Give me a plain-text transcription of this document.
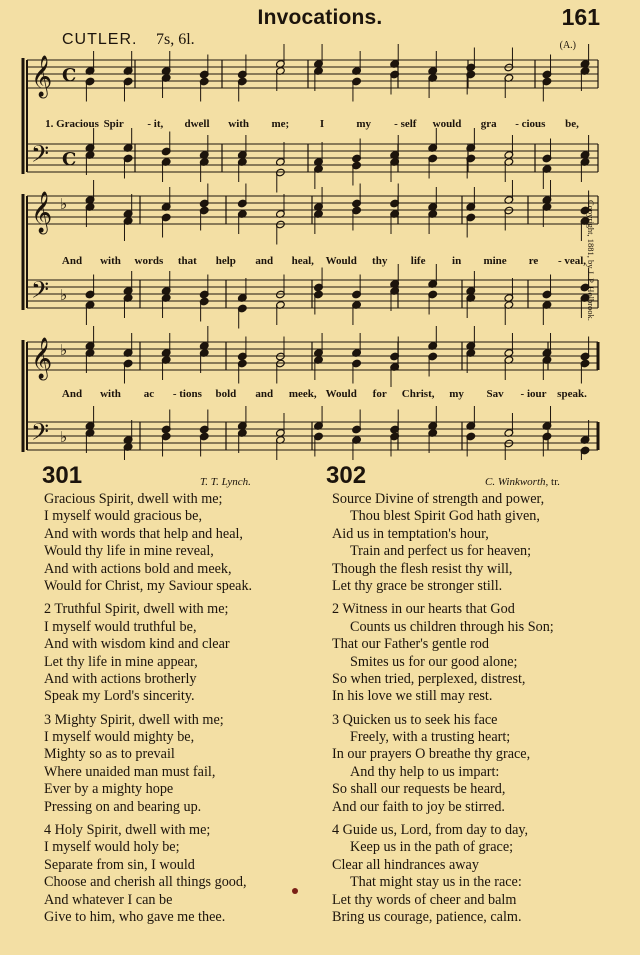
Invocations.	161
CUTLER. 7s, 6l.	(A.)
𝄞
𝄢
C
C
𝄞
𝄢
♭
♭
𝄞
𝄢
♭
♭
1. Gracious Spir - it, dwell with me;	I	my - self would gra - cious be,
And with words that help and heal, Would thy life in mine re - veal,
And with ac - tions bold and meek, Would for Christ, my Sav - iour speak.
Copyright, 1881, by J. P. Holbrook.
301	T. T. Lynch.
Gracious Spirit, dwell with me;
I myself would gracious be,
And with words that help and heal,
Would thy life in mine reveal,
And with actions bold and meek,
Would for Christ, my Saviour speak.
2 Truthful Spirit, dwell with me;
I myself would truthful be,
And with wisdom kind and clear
Let thy life in mine appear,
And with actions brotherly
Speak my Lord's sincerity.
3 Mighty Spirit, dwell with me;
I myself would mighty be,
Mighty so as to prevail
Where unaided man must fail,
Ever by a mighty hope
Pressing on and bearing up.
4 Holy Spirit, dwell with me;
I myself would holy be;
Separate from sin, I would
Choose and cherish all things good,
And whatever I can be
Give to him, who gave me thee.
302	C. Winkworth, tr.
Source Divine of strength and power,
Thou blest Spirit God hath given,
Aid us in temptation's hour,
Train and perfect us for heaven;
Though the flesh resist thy will,
Let thy grace be stronger still.
2 Witness in our hearts that God
Counts us children through his Son;
That our Father's gentle rod
Smites us for our good alone;
So when tried, perplexed, distrest,
In his love we still may rest.
3 Quicken us to seek his face
Freely, with a trusting heart;
In our prayers O breathe thy grace,
And thy help to us impart:
So shall our requests be heard,
And our faith to joy be stirred.
4 Guide us, Lord, from day to day,
Keep us in the path of grace;
Clear all hindrances away
That might stay us in the race:
Let thy words of cheer and balm
Bring us courage, patience, calm.
